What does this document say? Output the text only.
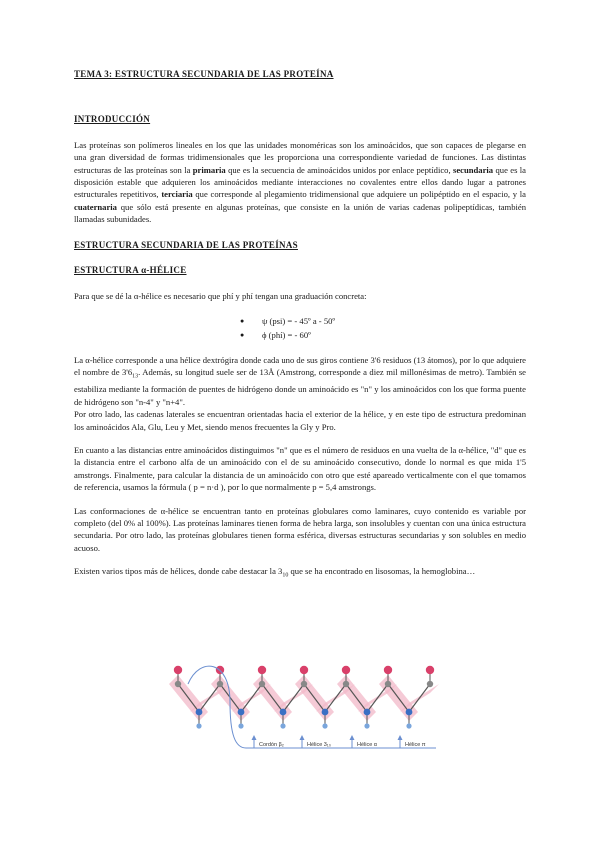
TEMA 3: ESTRUCTURA SECUNDARIA DE LAS PROTEÍNA
INTRODUCCIÓN

Las proteínas son polímeros lineales en los que las unidades monoméricas son los aminoácidos, que son capaces de plegarse en una gran diversidad de formas tridimensionales que les proporciona una correspondiente variedad de funciones. Las distintas estructuras de las proteínas son la primaria que es la secuencia de aminoácidos unidos por enlace peptídico, secundaria que es la disposición estable que adquieren los aminoácidos mediante interacciones no covalentes entre ellos dando lugar a patrones estructurales repetitivos, terciaria que corresponde al plegamiento tridimensional que adquiere un polipéptido en el espacio, y la cuaternaria que sólo está presente en algunas proteínas, que consiste en la unión de varias cadenas polipeptídicas, también llamadas subunidades.

ESTRUCTURA SECUNDARIA DE LAS PROTEÍNAS
ESTRUCTURA α-HÉLICE

Para que se dé la α-hélice es necesario que phí y phí tengan una graduación concreta:

● ψ (psi) = - 45º a - 50º
● ϕ (phí) = - 60º

La α-hélice corresponde a una hélice dextrógira donde cada uno de sus giros contiene 3'6 residuos (13 átomos), por lo que adquiere el nombre de $3'6_{13}$. Además, su longitud suele ser de 13Å (Amstrong, corresponde a diez mil millonésimas de metro). También se estabiliza mediante la formación de puentes de hidrógeno donde un aminoácido es "n" y los aminoácidos con los que forma puente de hidrógeno son "n-4" y "n+4".

Por otro lado, las cadenas laterales se encuentran orientadas hacia el exterior de la hélice, y en este tipo de estructura predominan los aminoácidos Ala, Glu, Leu y Met, siendo menos frecuentes la Gly y Pro.

En cuanto a las distancias entre aminoácidos distinguimos "n" que es el número de residuos en una vuelta de la α-hélice, "d" que es la distancia entre el carbono alfa de un aminoácido con el de su aminoácido consecutivo, donde lo normal es que mida 1'5 amstrongs. Finalmente, para calcular la distancia de un aminoácido con otro que esté apareado verticalmente con el que tomamos de referencia, usamos la fórmula ( p = n·d ), por lo que normalmente p = 5,4 amstrongs.

Las conformaciones de α-hélice se encuentran tanto en proteínas globulares como laminares, cuyo contenido es variable por completo (del 0% al 100%). Las proteínas laminares tienen forma de hebra larga, son insolubles y cuentan con una única estructura secundaria. Por otro lado, las proteínas globulares tienen forma esférica, diversas estructuras secundarias y son solubles en medio acuoso.

Existen varios tipos más de hélices, donde cabe destacar la $3_{10}$ que se ha encontrado en lisosomas, la hemoglobina…

Cordón β₂	Hélice 3₁₀	Hélice α	Hélice π
